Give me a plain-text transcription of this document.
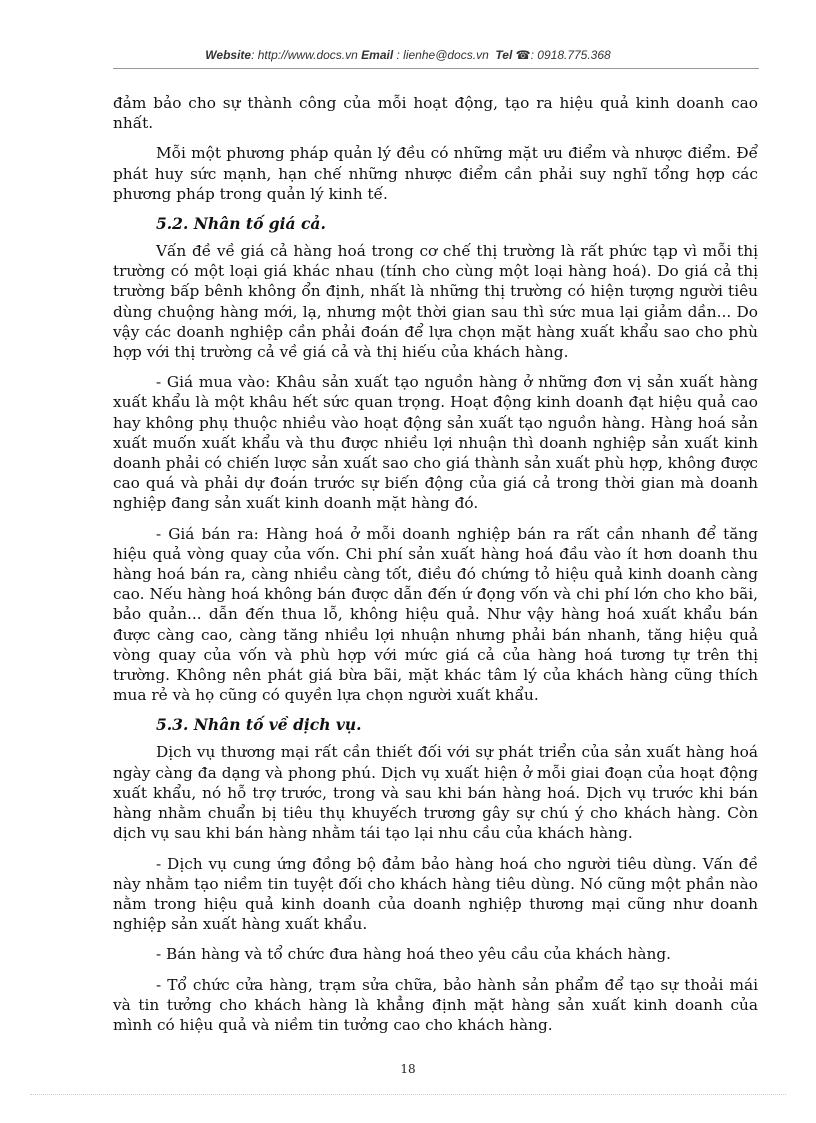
Website: http://www.docs.vn Email : lienhe@docs.vn Tel ☎: 0918.775.368

đảm bảo cho sự thành công của mỗi hoạt động, tạo ra hiệu quả kinh doanh cao nhất.

Mỗi một phương pháp quản lý đều có những mặt ưu điểm và nhược điểm. Để phát huy sức mạnh, hạn chế những nhược điểm cần phải suy nghĩ tổng hợp các phương pháp trong quản lý kinh tế.

5.2. Nhân tố giá cả.

Vấn đề về giá cả hàng hoá trong cơ chế thị trường là rất phức tạp vì mỗi thị trường có một loại giá khác nhau (tính cho cùng một loại hàng hoá). Do giá cả thị trường bấp bênh không ổn định, nhất là những thị trường có hiện tượng người tiêu dùng chuộng hàng mới, lạ, nhưng một thời gian sau thì sức mua lại giảm dần... Do vậy các doanh nghiệp cần phải đoán để lựa chọn mặt hàng xuất khẩu sao cho phù hợp với thị trường cả về giá cả và thị hiếu của khách hàng.

- Giá mua vào: Khâu sản xuất tạo nguồn hàng ở những đơn vị sản xuất hàng xuất khẩu là một khâu hết sức quan trọng. Hoạt động kinh doanh đạt hiệu quả cao hay không phụ thuộc nhiều vào hoạt động sản xuất tạo nguồn hàng. Hàng hoá sản xuất muốn xuất khẩu và thu được nhiều lợi nhuận thì doanh nghiệp sản xuất kinh doanh phải có chiến lược sản xuất sao cho giá thành sản xuất phù hợp, không được cao quá và phải dự đoán trước sự biến động của giá cả trong thời gian mà doanh nghiệp đang sản xuất kinh doanh mặt hàng đó.

- Giá bán ra: Hàng hoá ở mỗi doanh nghiệp bán ra rất cần nhanh để tăng hiệu quả vòng quay của vốn. Chi phí sản xuất hàng hoá đầu vào ít hơn doanh thu hàng hoá bán ra, càng nhiều càng tốt, điều đó chứng tỏ hiệu quả kinh doanh càng cao. Nếu hàng hoá không bán được dẫn đến ứ đọng vốn và chi phí lớn cho kho bãi, bảo quản... dẫn đến thua lỗ, không hiệu quả. Như vậy hàng hoá xuất khẩu bán được càng cao, càng tăng nhiều lợi nhuận nhưng phải bán nhanh, tăng hiệu quả vòng quay của vốn và phù hợp với mức giá cả của hàng hoá tương tự trên thị trường. Không nên phát giá bừa bãi, mặt khác tâm lý của khách hàng cũng thích mua rẻ và họ cũng có quyền lựa chọn người xuất khẩu.

5.3. Nhân tố về dịch vụ.

Dịch vụ thương mại rất cần thiết đối với sự phát triển của sản xuất hàng hoá ngày càng đa dạng và phong phú. Dịch vụ xuất hiện ở mỗi giai đoạn của hoạt động xuất khẩu, nó hỗ trợ trước, trong và sau khi bán hàng hoá. Dịch vụ trước khi bán hàng nhằm chuẩn bị tiêu thụ khuyếch trương gây sự chú ý cho khách hàng. Còn dịch vụ sau khi bán hàng nhằm tái tạo lại nhu cầu của khách hàng.

- Dịch vụ cung ứng đồng bộ đảm bảo hàng hoá cho người tiêu dùng. Vấn đề này nhằm tạo niềm tin tuyệt đối cho khách hàng tiêu dùng. Nó cũng một phần nào nằm trong hiệu quả kinh doanh của doanh nghiệp thương mại cũng như doanh nghiệp sản xuất hàng xuất khẩu.

- Bán hàng và tổ chức đưa hàng hoá theo yêu cầu của khách hàng.

- Tổ chức cửa hàng, trạm sửa chữa, bảo hành sản phẩm để tạo sự thoải mái và tin tưởng cho khách hàng là khẳng định mặt hàng sản xuất kinh doanh của mình có hiệu quả và niềm tin tưởng cao cho khách hàng.

18
